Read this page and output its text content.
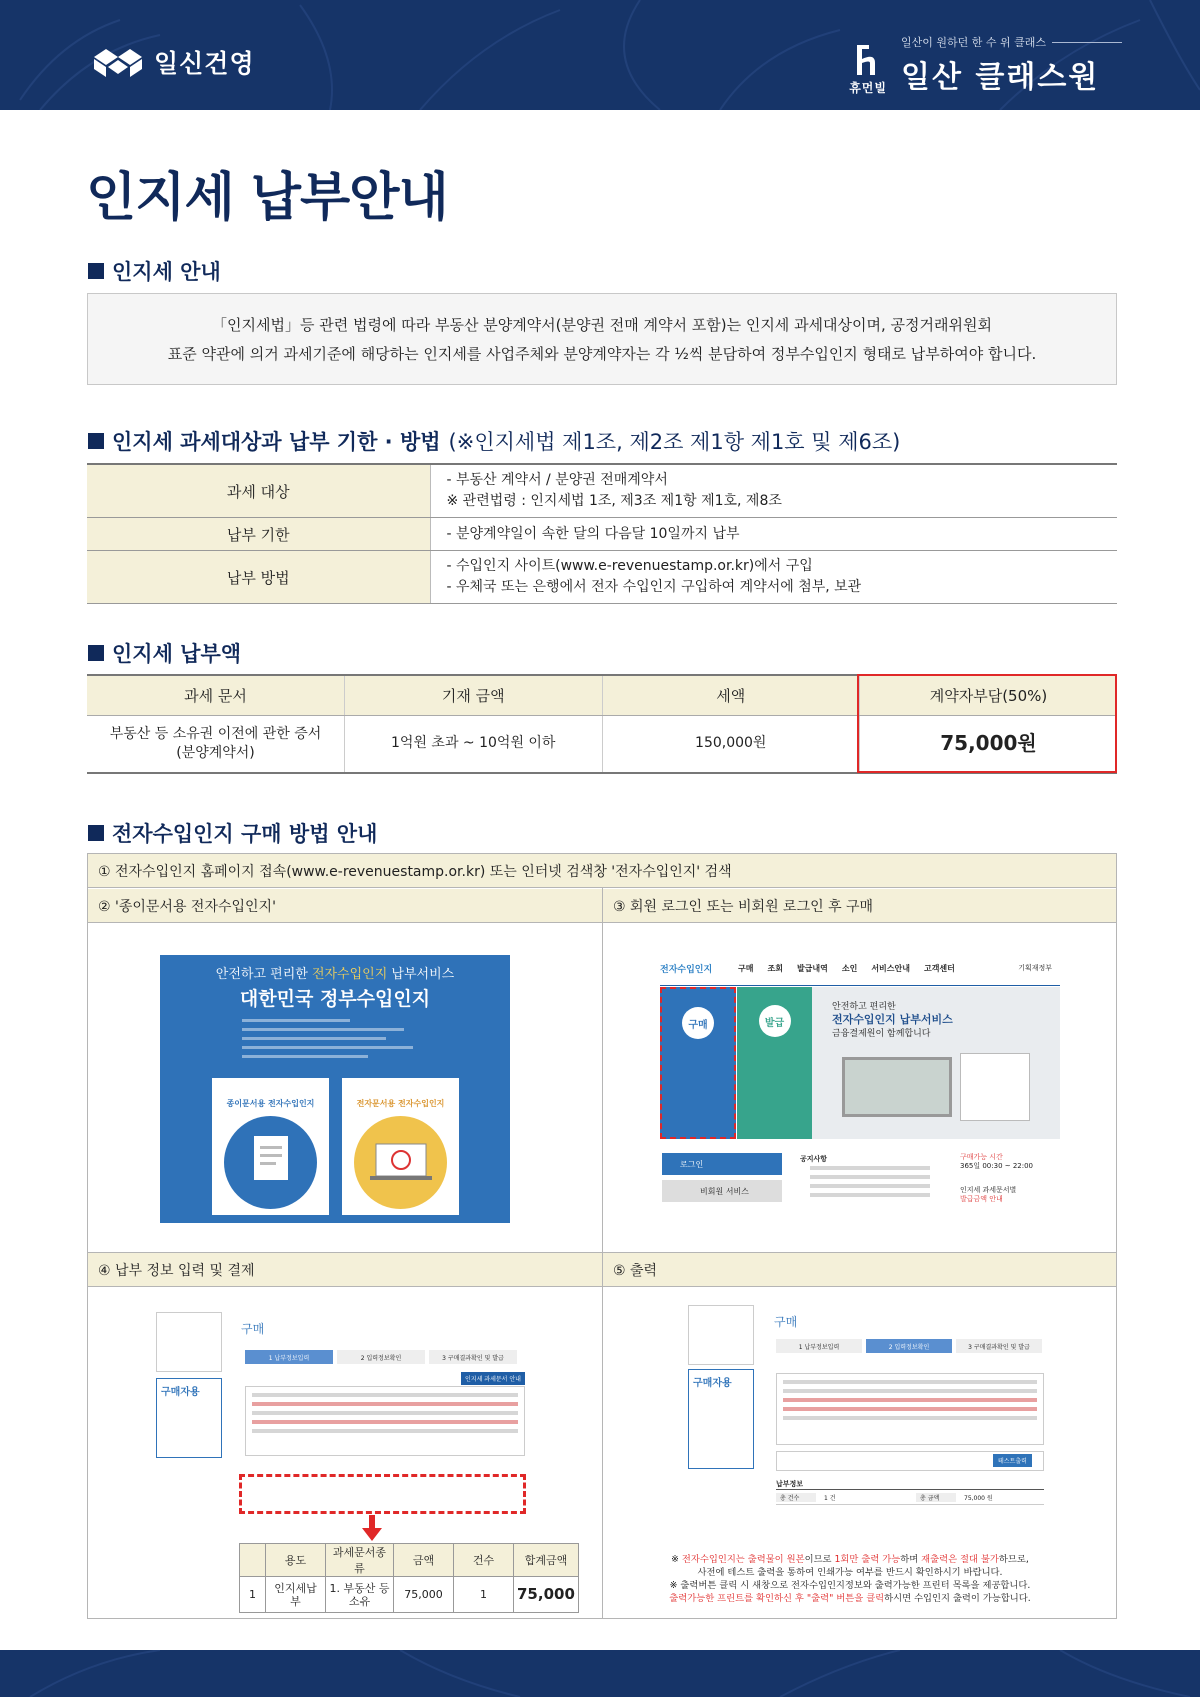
일신건영
휴먼빌
일산이 원하던 한 수 위 클래스
일산 클래스원
인지세 납부안내
인지세 안내
「인지세법」등 관련 법령에 따라 부동산 분양계약서(분양권 전매 계약서 포함)는 인지세 과세대상이며, 공정거래위원회
표준 약관에 의거 과세기준에 해당하는 인지세를 사업주체와 분양계약자는 각 ½씩 분담하여 정부수입인지 형태로 납부하여야 합니다.
인지세 과세대상과 납부 기한 · 방법 (※인지세법 제1조, 제2조 제1항 제1호 및 제6조)
과세 대상	- 부동산 계약서 / 분양권 전매계약서
※ 관련법령 : 인지세법 1조, 제3조 제1항 제1호, 제8조

납부 기한	- 분양계약일이 속한 달의 다음달 10일까지 납부

납부 방법	- 수입인지 사이트(www.e-revenuestamp.or.kr)에서 구입
- 우체국 또는 은행에서 전자 수입인지 구입하여 계약서에 첨부, 보관
인지세 납부액
과세 문서	기재 금액	세액	계약자부담(50%)

부동산 등 소유권 이전에 관한 증서
(분양계약서)	1억원 초과 ~ 10억원 이하	150,000원	75,000원
전자수입인지 구매 방법 안내
① 전자수입인지 홈페이지 접속(www.e-revenuestamp.or.kr) 또는 인터넷 검색창 '전자수입인지' 검색
② '종이문서용 전자수입인지'	③ 회원 로그인 또는 비회원 로그인 후 구매
④ 납부 정보 입력 및 결제	⑤ 출력
안전하고 편리한 전자수입인지 납부서비스
대한민국 정부수입인지
종이문서용 전자수입인지	전자문서용 전자수입인지
전자수입인지	구매 조회 발급내역 소인 서비스안내 고객센터	기획재정부
구매	발급
안전하고 편리한
전자수입인지 납부서비스
금융결제원이 함께합니다
로그인
비회원 서비스
공지사항	구매가능 시간
365일 00:30 ~ 22:00
인지세 과세문서별
발급금액 안내
구매자용
구매
1 납부정보입력	2 입력정보확인	3 구매결과확인 및 발급
인지세 과세문서 안내
	용도	과세문서종류	금액	건수	합계금액
1	인지세납부	1. 부동산 등 소유	75,000	1	75,000
구매자용
구매
1 납부정보입력	2 입력정보확인	3 구매결과확인 및 발급
테스트출력
납부정보
총 건수	1 건	총 금액	75,000 원
※ 전자수입인지는 출력물이 원본이므로 1회만 출력 가능하며 재출력은 절대 불가하므로,
사전에 테스트 출력을 통하여 인쇄가능 여부를 반드시 확인하시기 바랍니다.
※ 출력버튼 클릭 시 새창으로 전자수입인지정보와 출력가능한 프린터 목록을 제공합니다.
출력가능한 프린트를 확인하신 후 "출력" 버튼을 클릭하시면 수입인지 출력이 가능합니다.
